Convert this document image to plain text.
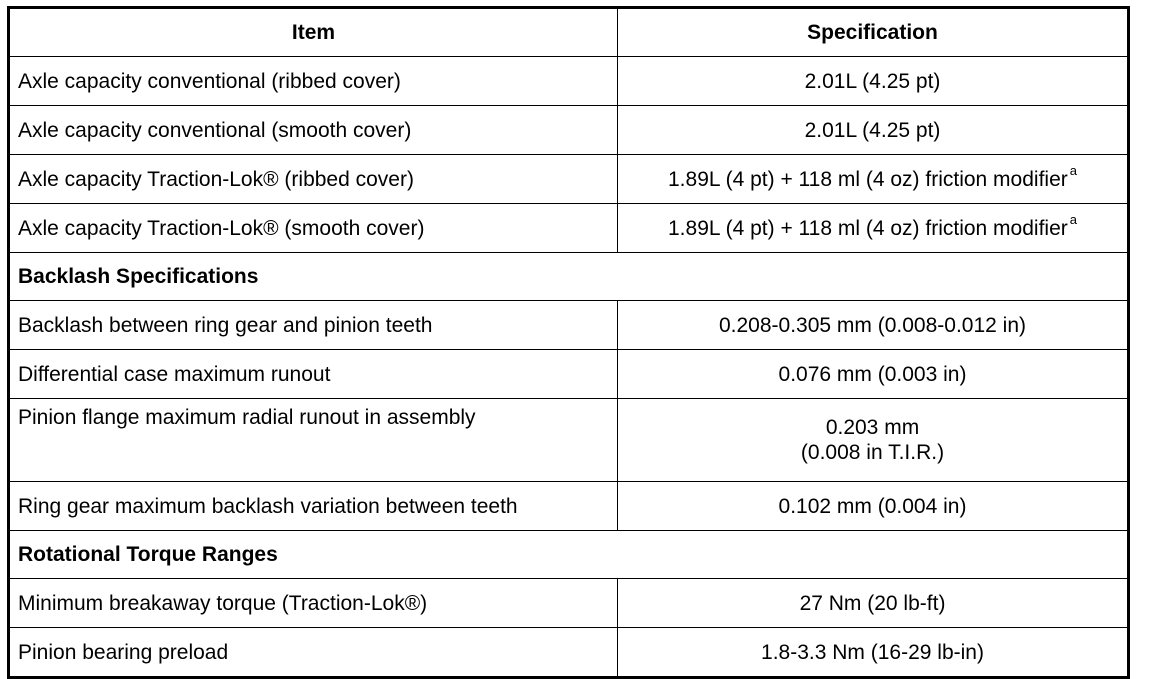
Item	Specification
Axle capacity conventional (ribbed cover)	2.01L (4.25 pt)
Axle capacity conventional (smooth cover)	2.01L (4.25 pt)
Axle capacity Traction-Lok® (ribbed cover)	1.89L (4 pt) + 118 ml (4 oz) friction modifier $^a$
Axle capacity Traction-Lok® (smooth cover)	1.89L (4 pt) + 118 ml (4 oz) friction modifier $^a$
Backlash Specifications	
Backlash between ring gear and pinion teeth	0.208-0.305 mm (0.008-0.012 in)
Differential case maximum runout	0.076 mm (0.003 in)
Pinion flange maximum radial runout in assembly	0.203 mm
(0.008 in T.I.R.)

Ring gear maximum backlash variation between teeth	0.102 mm (0.004 in)
Rotational Torque Ranges	
Minimum breakaway torque (Traction-Lok®)	27 Nm (20 lb-ft)
Pinion bearing preload	1.8-3.3 Nm (16-29 lb-in)
